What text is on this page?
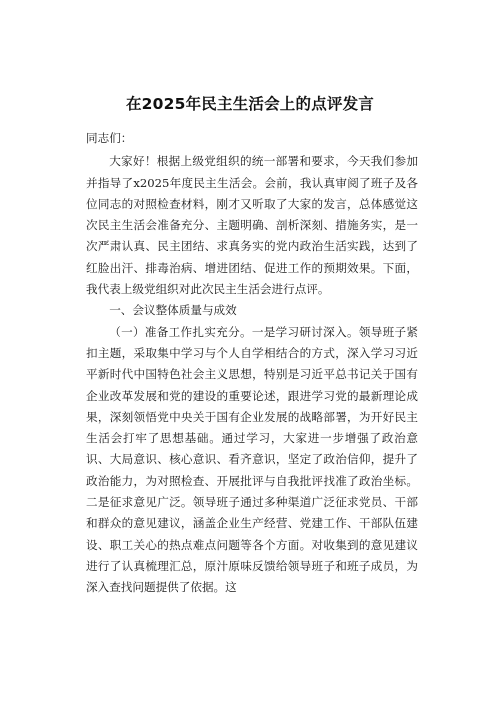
在2025年民主生活会上的点评发言

同志们：

大家好！根据上级党组织的统一部署和要求，今天我们参加并指导了x2025年度民主生活会。会前，我认真审阅了班子及各位同志的对照检查材料，刚才又听取了大家的发言，总体感觉这次民主生活会准备充分、主题明确、剖析深刻、措施务实，是一次严肃认真、民主团结、求真务实的党内政治生活实践，达到了红脸出汗、排毒治病、增进团结、促进工作的预期效果。下面，我代表上级党组织对此次民主生活会进行点评。

一、会议整体质量与成效

（一）准备工作扎实充分。一是学习研讨深入。领导班子紧扣主题，采取集中学习与个人自学相结合的方式，深入学习习近平新时代中国特色社会主义思想，特别是习近平总书记关于国有企业改革发展和党的建设的重要论述，跟进学习党的最新理论成果，深刻领悟党中央关于国有企业发展的战略部署，为开好民主生活会打牢了思想基础。通过学习，大家进一步增强了政治意识、大局意识、核心意识、看齐意识，坚定了政治信仰，提升了政治能力，为对照检查、开展批评与自我批评找准了政治坐标。二是征求意见广泛。领导班子通过多种渠道广泛征求党员、干部和群众的意见建议，涵盖企业生产经营、党建工作、干部队伍建设、职工关心的热点难点问题等各个方面。对收集到的意见建议进行了认真梳理汇总，原汁原味反馈给领导班子和班子成员，为深入查找问题提供了依据。这
